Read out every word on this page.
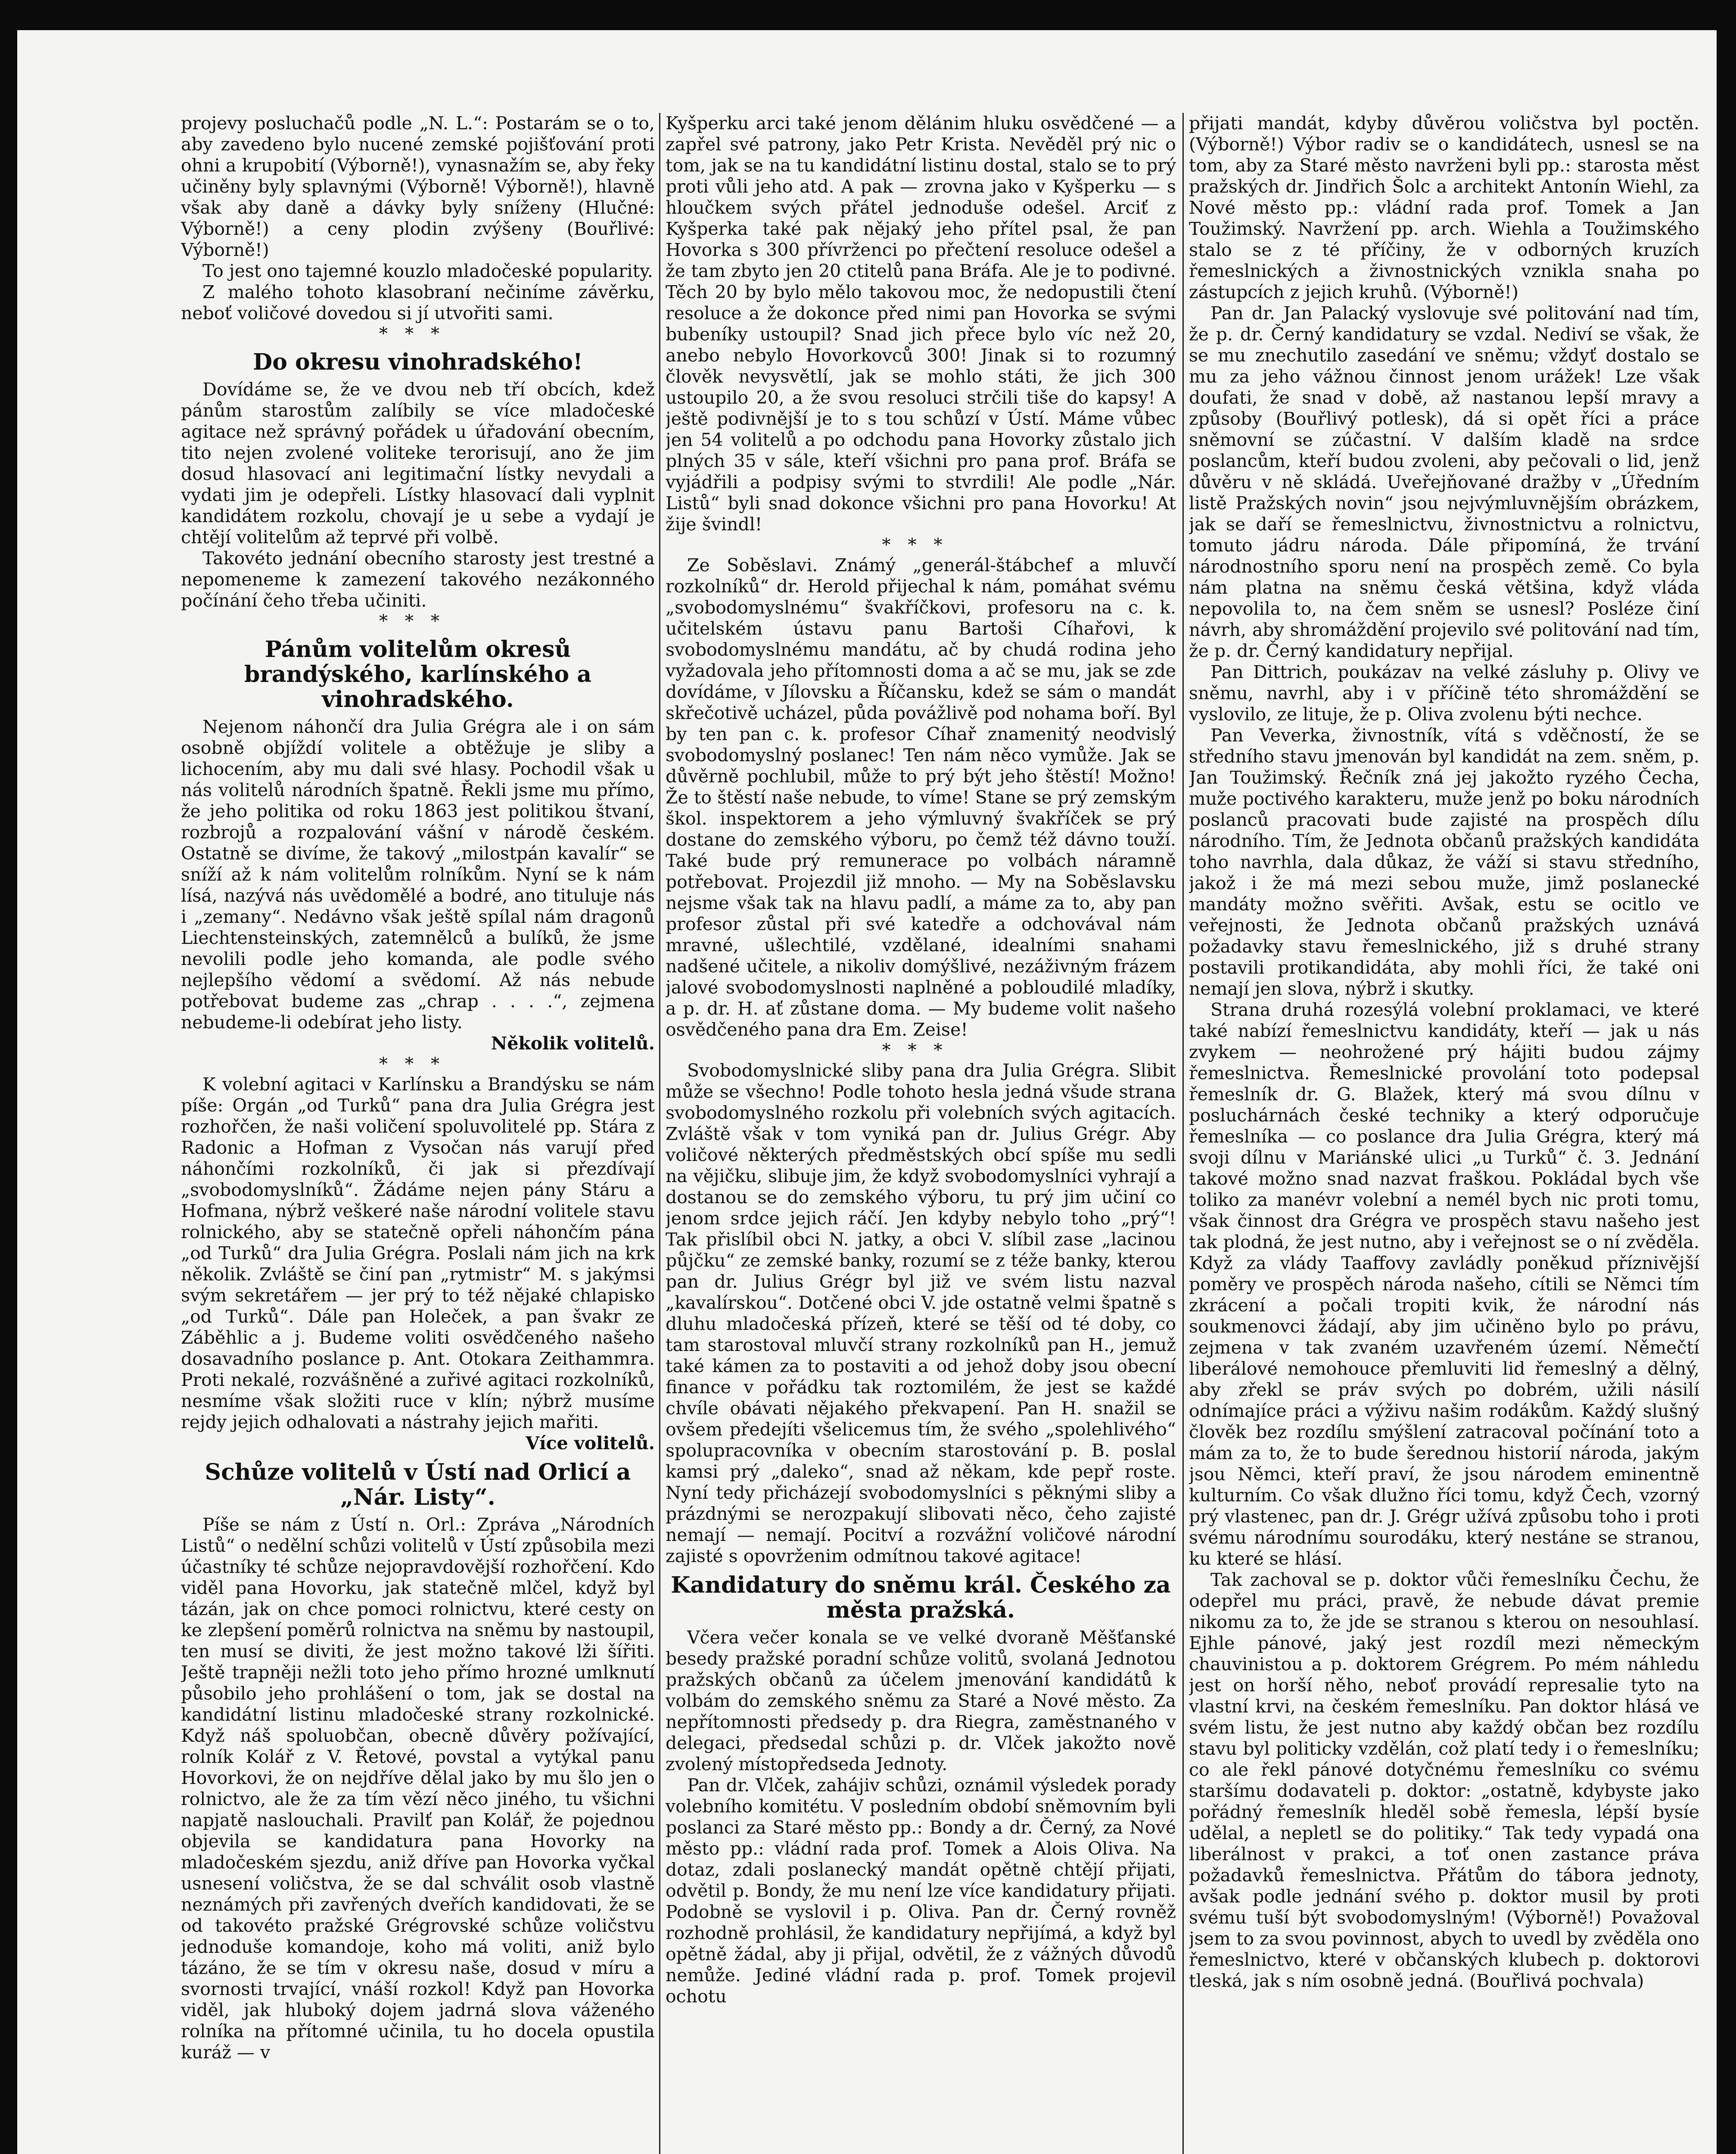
projevy posluchačů podle „N. L.“: Postarám se o to, aby zavedeno bylo nucené zemské pojišťování proti ohni a krupobití (Výborně!), vynasnažím se, aby řeky učiněny byly splavnými (Výborně! Výborně!), hlavně však aby daně a dávky byly sníženy (Hlučné: Výborně!) a ceny plodin zvýšeny (Bouřlivé: Výborně!)

To jest ono tajemné kouzlo mladočeské popularity.

Z malého tohoto klasobraní nečiníme závěrku, neboť voličové dovedou si jí utvořiti sami.

***
Do okresu vinohradského!

Dovídáme se, že ve dvou neb tří obcích, kdež pánům starostům zalíbily se více mladočeské agitace než správný pořádek u úřadování obecním, tito nejen zvolené voliteke terorisují, ano že jim dosud hlasovací ani legitimační lístky nevydali a vydati jim je odepřeli. Lístky hlasovací dali vyplnit kandidátem rozkolu, chovají je u sebe a vydají je chtějí volitelům až teprvé při volbě.

Takovéto jednání obecního starosty jest trestné a nepomeneme k zamezení takového nezákonného počínání čeho třeba učiniti.

***
Pánům volitelům okresů brandýského, karlínského a vinohradského.

Nejenom náhončí dra Julia Grégra ale i on sám osobně objíždí volitele a obtěžuje je sliby a lichocením, aby mu dali své hlasy. Pochodil však u nás volitelů národních špatně. Řekli jsme mu přímo, že jeho politika od roku 1863 jest politikou štvaní, rozbrojů a rozpalování vášní v národě českém. Ostatně se divíme, že takový „milostpán kavalír“ se sníží až k nám volitelům rolníkům. Nyní se k nám lísá, nazývá nás uvědomělé a bodré, ano tituluje nás i „zemany“. Nedávno však ještě spílal nám dragonů Liechtensteinských, zatemnělců a bulíků, že jsme nevolili podle jeho komanda, ale podle svého nejlepšího vědomí a svědomí. Až nás nebude potřebovat budeme zas „chrap . . . .“, zejmena nebudeme-li odebírat jeho listy.

Několik volitelů.

***

K volební agitaci v Karlínsku a Brandýsku se nám píše: Orgán „od Turků“ pana dra Julia Grégra jest rozhořčen, že naši voličení spoluvolitelé pp. Stára z Radonic a Hofman z Vysočan nás varují před náhončími rozkolníků, či jak si přezdívají „svobodomyslníků“. Žádáme nejen pány Stáru a Hofmana, nýbrž veškeré naše národní volitele stavu rolnického, aby se statečně opřeli náhončím pána „od Turků“ dra Julia Grégra. Poslali nám jich na krk několik. Zvláště se činí pan „rytmistr“ M. s jakýmsi svým sekretářem — jer prý to též nějaké chlapisko „od Turků“. Dále pan Holeček, a pan švakr ze Záběhlic a j. Budeme voliti osvědčeného našeho dosavadního poslance p. Ant. Otokara Zeithammra. Proti nekalé, rozvášněné a zuřivé agitaci rozkolníků, nesmíme však složiti ruce v klín; nýbrž musíme rejdy jejich odhalovati a nástrahy jejich mařiti.

Více volitelů.

Schůze volitelů v Ústí nad Orlicí a „Nár. Listy“.

Píše se nám z Ústí n. Orl.: Zpráva „Národních Listů“ o nedělní schůzi volitelů v Ústí způsobila mezi účastníky té schůze nejopravdovější rozhořčení. Kdo viděl pana Hovorku, jak statečně mlčel, když byl tázán, jak on chce pomoci rolnictvu, které cesty on ke zlepšení poměrů rolnictva na sněmu by nastoupil, ten musí se diviti, že jest možno takové lži šířiti. Ještě trapněji nežli toto jeho přímo hrozné umlknutí působilo jeho prohlášení o tom, jak se dostal na kandidátní listinu mladočeské strany rozkolnické. Když náš spoluobčan, obecně důvěry požívající, rolník Kolář z V. Řetové, povstal a vytýkal panu Hovorkovi, že on nejdříve dělal jako by mu šlo jen o rolnictvo, ale že za tím vězí něco jiného, tu všichni napjatě naslouchali. Pravilť pan Kolář, že pojednou objevila se kandidatura pana Hovorky na mladočeském sjezdu, aniž dříve pan Hovorka vyčkal usnesení voličstva, že se dal schválit osob vlastně neznámých při zavřených dveřích kandidovati, že se od takovéto pražské Grégrovské schůze voličstvu jednoduše komandoje, koho má voliti, aniž bylo tázáno, že se tím v okresu naše, dosud v míru a svornosti trvající, vnáší rozkol! Když pan Hovorka viděl, jak hluboký dojem jadrná slova váženého rolníka na přítomné učinila, tu ho docela opustila kuráž — v

Kyšperku arci také jenom dělánim hluku osvědčené — a zapřel své patrony, jako Petr Krista. Nevěděl prý nic o tom, jak se na tu kandidátní listinu dostal, stalo se to prý proti vůli jeho atd. A pak — zrovna jako v Kyšperku — s hloučkem svých přátel jednoduše odešel. Arciť z Kyšperka také pak nějaký jeho přítel psal, že pan Hovorka s 300 přívrženci po přečtení resoluce odešel a že tam zbyto jen 20 ctitelů pana Bráfa. Ale je to podivné. Těch 20 by bylo mělo takovou moc, že nedopustili čtení resoluce a že dokonce před nimi pan Hovorka se svými bubeníky ustoupil? Snad jich přece bylo víc než 20, anebo nebylo Hovorkovců 300! Jinak si to rozumný člověk nevysvětlí, jak se mohlo státi, že jich 300 ustoupilo 20, a že svou resoluci strčili tiše do kapsy! A ještě podivnější je to s tou schůzí v Ústí. Máme vůbec jen 54 volitelů a po odchodu pana Hovorky zůstalo jich plných 35 v sále, kteří všichni pro pana prof. Bráfa se vyjádřili a podpisy svými to stvrdili! Ale podle „Nár. Listů“ byli snad dokonce všichni pro pana Hovorku! At žije švindl!

***

Ze Soběslavi. Známý „generál-štábchef a mluvčí rozkolníků“ dr. Herold přijechal k nám, pomáhat svému „svobodomyslnému“ švakříčkovi, profesoru na c. k. učitelském ústavu panu Bartoši Cíhařovi, k svobodomyslnému mandátu, ač by chudá rodina jeho vyžadovala jeho přítomnosti doma a ač se mu, jak se zde dovídáme, v Jílovsku a Říčansku, kdež se sám o mandát skřečotivě ucházel, půda povážlivě pod nohama boří. Byl by ten pan c. k. profesor Cíhař znamenitý neodvislý svobodomyslný poslanec! Ten nám něco vymůže. Jak se důvěrně pochlubil, může to prý být jeho štěstí! Možno! Že to štěstí naše nebude, to víme! Stane se prý zemským škol. inspektorem a jeho výmluvný švakříček se prý dostane do zemského výboru, po čemž též dávno touží. Také bude prý remunerace po volbách náramně potřebovat. Projezdil již mnoho. — My na Soběslavsku nejsme však tak na hlavu padlí, a máme za to, aby pan profesor zůstal při své katedře a odchovával nám mravné, ušlechtilé, vzdělané, idealními snahami nadšené učitele, a nikoliv domýšlivé, nezáživným frázem jalové svobodomyslnosti naplněné a pobloudilé mladíky, a p. dr. H. ať zůstane doma. — My budeme volit našeho osvědčeného pana dra Em. Zeise!

***

Svobodomyslnické sliby pana dra Julia Grégra. Slibit může se všechno! Podle tohoto hesla jedná všude strana svobodomyslného rozkolu při volebních svých agitacích. Zvláště však v tom vyniká pan dr. Julius Grégr. Aby voličové některých předměstských obcí spíše mu sedli na vějičku, slibuje jim, že když svobodomyslníci vyhrají a dostanou se do zemského výboru, tu prý jim učiní co jenom srdce jejich ráčí. Jen kdyby nebylo toho „prý“! Tak přislíbil obci N. jatky, a obci V. slíbil zase „lacinou půjčku“ ze zemské banky, rozumí se z téže banky, kterou pan dr. Julius Grégr byl již ve svém listu nazval „kavalírskou“. Dotčené obci V. jde ostatně velmi špatně s dluhu mladočeská přízeň, které se těší od té doby, co tam starostoval mluvčí strany rozkolníků pan H., jemuž také kámen za to postaviti a od jehož doby jsou obecní finance v pořádku tak roztomilém, že jest se každé chvíle obávati nějakého překvapení. Pan H. snažil se ovšem předejíti všelicemus tím, že svého „spolehlivého“ spolupracovníka v obecním starostování p. B. poslal kamsi prý „daleko“, snad až někam, kde pepř roste. Nyní tedy přicházejí svobodomyslníci s pěknými sliby a prázdnými se nerozpakují slibovati něco, čeho zajisté nemají — nemají. Pocitví a rozvážní voličové národní zajisté s opovrženim odmítnou takové agitace!

Kandidatury do sněmu král. Českého za města pražská.

Včera večer konala se ve velké dvoraně Měšťanské besedy pražské poradní schůze volitů, svolaná Jednotou pražských občanů za účelem jmenování kandidátů k volbám do zemského sněmu za Staré a Nové město. Za nepřítomnosti předsedy p. dra Riegra, zaměstnaného v delegaci, předsedal schůzi p. dr. Vlček jakožto nově zvolený místopředseda Jednoty.

Pan dr. Vlček, zahájiv schůzi, oznámil výsledek porady volebního komitétu. V posledním období sněmovním byli poslanci za Staré město pp.: Bondy a dr. Černý, za Nové město pp.: vládní rada prof. Tomek a Alois Oliva. Na dotaz, zdali poslanecký mandát opětně chtějí přijati, odvětil p. Bondy, že mu není lze více kandidatury přijati. Podobně se vyslovil i p. Oliva. Pan dr. Černý rovněž rozhodně prohlásil, že kandidatury nepřijímá, a když byl opětně žádal, aby ji přijal, odvětil, že z vážných důvodů nemůže. Jediné vládní rada p. prof. Tomek projevil ochotu

přijati mandát, kdyby důvěrou voličstva byl poctěn. (Výborně!) Výbor radiv se o kandidátech, usnesl se na tom, aby za Staré město navrženi byli pp.: starosta měst pražských dr. Jindřich Šolc a architekt Antonín Wiehl, za Nové město pp.: vládní rada prof. Tomek a Jan Toužimský. Navržení pp. arch. Wiehla a Toužimského stalo se z té příčiny, že v odborných kruzích řemeslnických a živnostnických vznikla snaha po zástupcích z jejich kruhů. (Výborně!)

Pan dr. Jan Palacký vyslovuje své politování nad tím, že p. dr. Černý kandidatury se vzdal. Nediví se však, že se mu znechutilo zasedání ve sněmu; vždyť dostalo se mu za jeho vážnou činnost jenom urážek! Lze však doufati, že snad v době, až nastanou lepší mravy a způsoby (Bouřlivý potlesk), dá si opět říci a práce sněmovní se zúčastní. V dalším kladě na srdce poslancům, kteří budou zvoleni, aby pečovali o lid, jenž důvěru v ně skládá. Uveřejňované dražby v „Úředním listě Pražských novin“ jsou nejvýmluvnějším obrázkem, jak se daří se řemeslnictvu, živnostnictvu a rolnictvu, tomuto jádru národa. Dále připomíná, že trvání národnostního sporu není na prospěch země. Co byla nám platna na sněmu česká většina, když vláda nepovolila to, na čem sněm se usnesl? Posléze činí návrh, aby shromáždění projevilo své politování nad tím, že p. dr. Černý kandidatury nepřijal.

Pan Dittrich, poukázav na velké zásluhy p. Olivy ve sněmu, navrhl, aby i v příčině této shromáždění se vyslovilo, ze lituje, že p. Oliva zvolenu býti nechce.

Pan Veverka, živnostník, vítá s vděčností, že se středního stavu jmenován byl kandidát na zem. sněm, p. Jan Toužimský. Řečník zná jej jakožto ryzého Čecha, muže poctivého karakteru, muže jenž po boku národních poslanců pracovati bude zajisté na prospěch dílu národního. Tím, že Jednota občanů pražských kandidáta toho navrhla, dala důkaz, že váží si stavu středního, jakož i že má mezi sebou muže, jimž poslanecké mandáty možno svěřiti. Avšak, estu se ocitlo ve veřejnosti, že Jednota občanů pražských uznává požadavky stavu řemeslnického, již s druhé strany postavili protikandidáta, aby mohli říci, že také oni nemají jen slova, nýbrž i skutky.

Strana druhá rozesýlá volební proklamaci, ve které také nabízí řemeslnictvu kandidáty, kteří — jak u nás zvykem — neohrožené prý hájiti budou zájmy řemeslnictva. Řemeslnické provolání toto podepsal řemeslník dr. G. Blažek, který má svou dílnu v posluchárnách české techniky a který odporučuje řemeslníka — co poslance dra Julia Grégra, který má svoji dílnu v Mariánské ulici „u Turků“ č. 3. Jednání takové možno snad nazvat fraškou. Pokládal bych vše toliko za manévr volební a nemél bych nic proti tomu, však činnost dra Grégra ve prospěch stavu našeho jest tak plodná, že jest nutno, aby i veřejnost se o ní zvěděla. Když za vlády Taaffovy zavládly poněkud příznivější poměry ve prospěch národa našeho, cítili se Němci tím zkrácení a počali tropiti kvik, že národní nás soukmenovci žádají, aby jim učiněno bylo po právu, zejmena v tak zvaném uzavřeném území. Němečtí liberálové nemohouce přemluviti lid řemeslný a dělný, aby zřekl se práv svých po dobrém, užili násilí odnímajíce práci a výživu našim rodákům. Každý slušný člověk bez rozdílu smýšlení zatracoval počínání toto a mám za to, že to bude šerednou historií národa, jakým jsou Němci, kteří praví, že jsou národem eminentně kulturním. Co však dlužno říci tomu, když Čech, vzorný prý vlastenec, pan dr. J. Grégr užívá způsobu toho i proti svému národnímu sourodáku, který nestáne se stranou, ku které se hlásí.

Tak zachoval se p. doktor vůči řemeslníku Čechu, že odepřel mu práci, pravě, že nebude dávat premie nikomu za to, že jde se stranou s kterou on nesouhlasí. Ejhle pánové, jaký jest rozdíl mezi německým chauvinistou a p. doktorem Grégrem. Po mém náhledu jest on horší něho, neboť provádí represalie tyto na vlastní krvi, na českém řemeslníku. Pan doktor hlásá ve svém listu, že jest nutno aby každý občan bez rozdílu stavu byl politicky vzdělán, což platí tedy i o řemeslníku; co ale řekl pánové dotyčnému řemeslníku co svému staršímu dodavateli p. doktor: „ostatně, kdybyste jako pořádný řemeslník hleděl sobě řemesla, lépší bysíe udělal, a nepletl se do politiky.“ Tak tedy vypadá ona liberálnost v prakci, a toť onen zastance práva požadavků řemeslnictva. Přátům do tábora jednoty, avšak podle jednání svého p. doktor musil by proti svému tuší být svobodomyslným! (Výborně!) Považoval jsem to za svou povinnost, abych to uvedl by zvěděla ono řemeslnictvo, které v občanských klubech p. doktorovi tleská, jak s ním osobně jedná. (Bouřlivá pochvala)
